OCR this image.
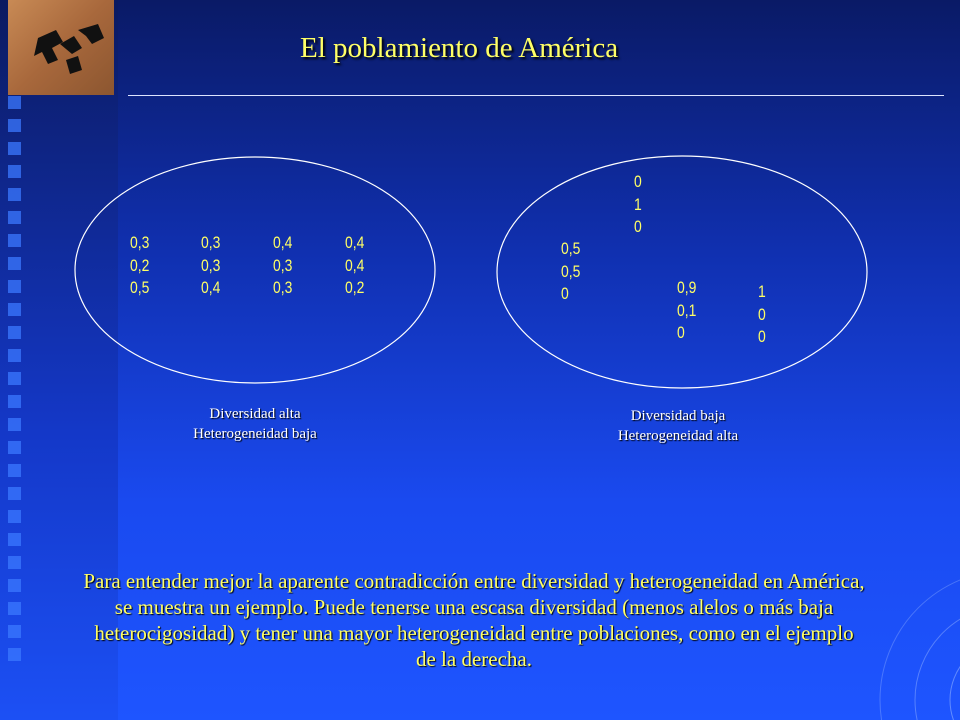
El poblamiento de América
0,3
0,2
0,5
0,3
0,3
0,4
0,4
0,3
0,3
0,4
0,4
0,2
0
1
0
0,5
0,5
0	0,9
0,1
0
1
0
0
Diversidad alta
Heterogeneidad baja
Diversidad baja
Heterogeneidad alta
Para entender mejor la aparente contradicción entre diversidad y heterogeneidad en América, se muestra un ejemplo. Puede tenerse una escasa diversidad (menos alelos o más baja heterocigosidad) y tener una mayor heterogeneidad entre poblaciones, como en el ejemplo de la derecha.
